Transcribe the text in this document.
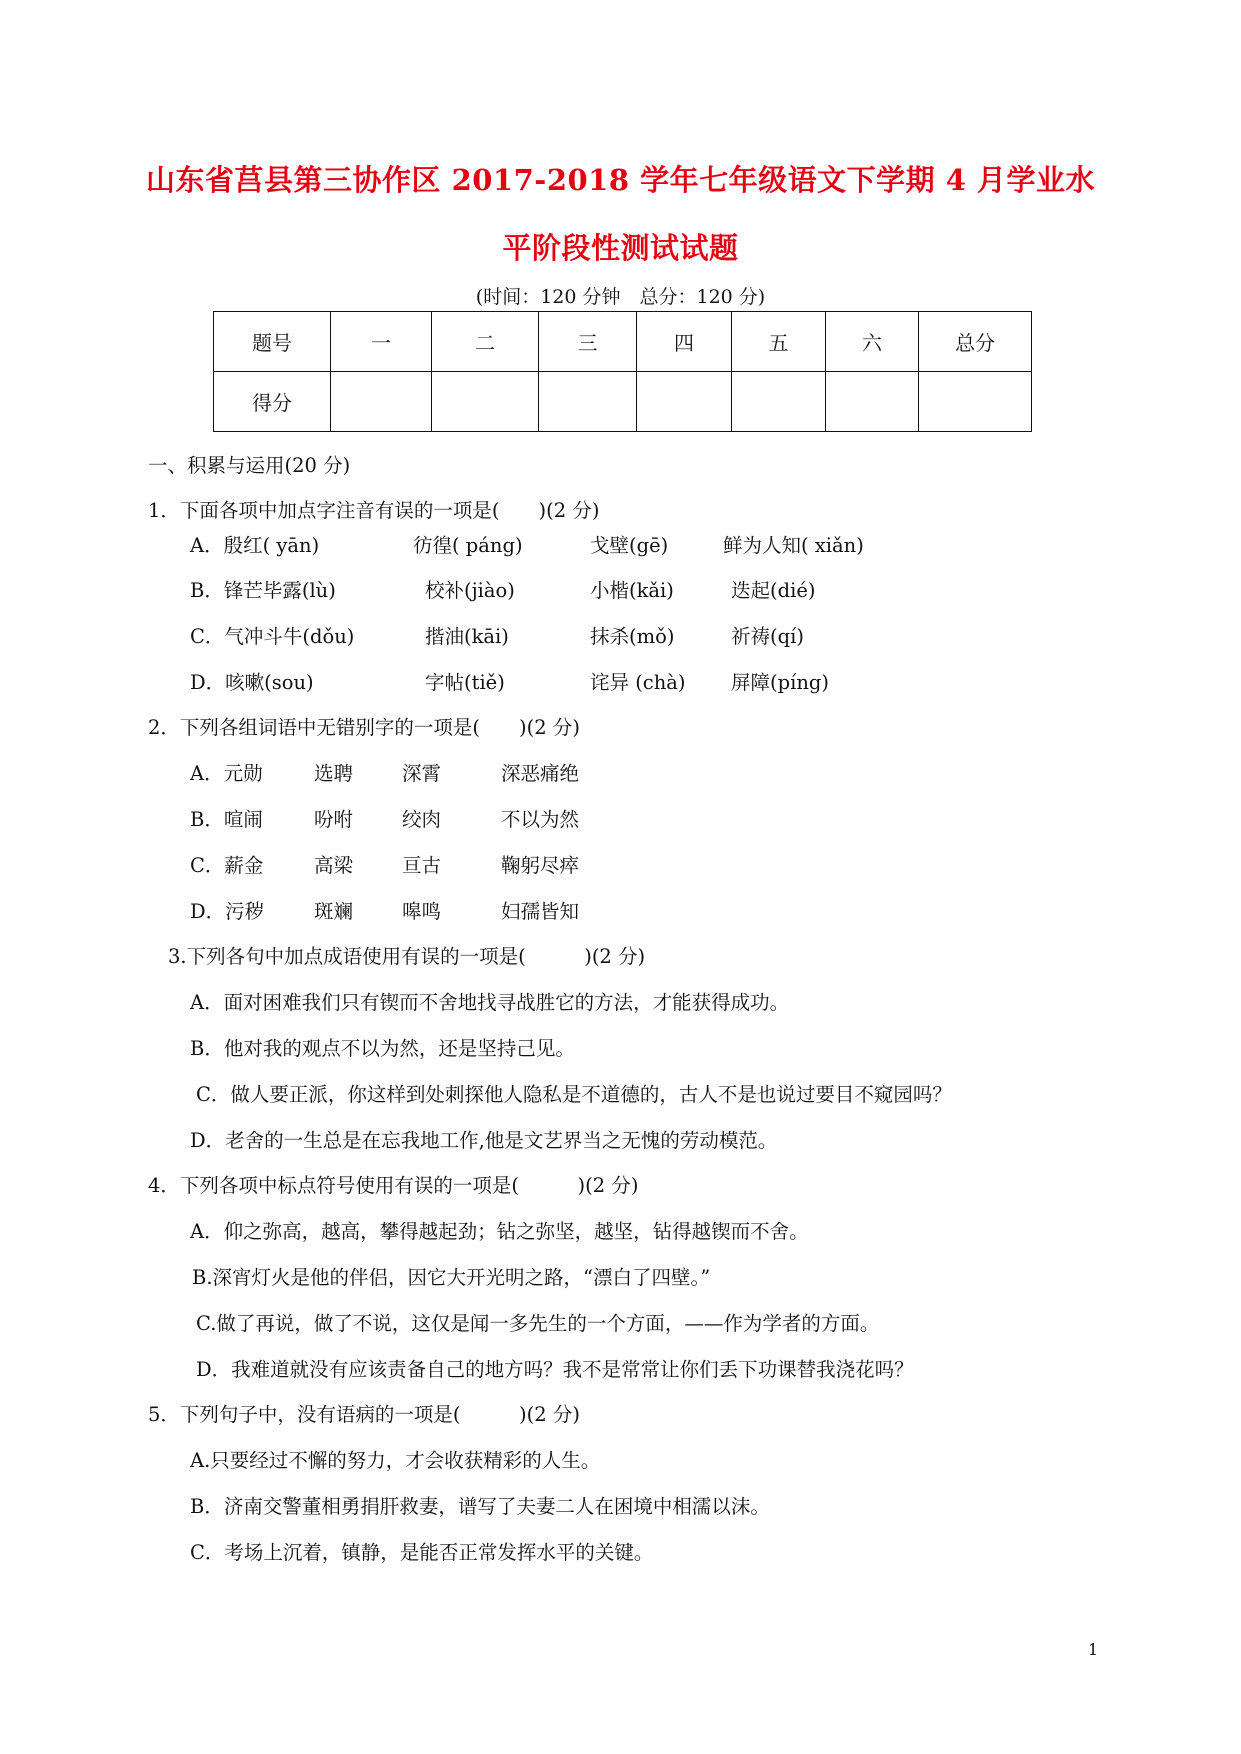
山东省莒县第三协作区 2017-2018 学年七年级语文下学期 4 月学业水
平阶段性测试试题
(时间：120 分钟　总分：120 分)
题号	一	二	三	四	五	六	总分
得分							
一、积累与运用(20 分)
1．下面各项中加点字注音有误的一项是(　　)(2 分)
A．殷红( yān)	彷徨( páng)	戈壁(gē)	鲜为人知( xiǎn)
B．锋芒毕露(lù)	校补(jiào)	小楷(kǎi)	迭起(dié)
C．气冲斗牛(dǒu)	揩油(kāi)	抹杀(mǒ)	祈祷(qí)
D．咳嗽(sou)	字帖(tiě)	诧异 (chà) 屏障(píng)
2．下列各组词语中无错别字的一项是(　　)(2 分)
A．元勋	选聘	深霄	深恶痛绝
B．喧闹	吩咐	绞肉	不以为然
C．薪金	高梁	亘古	鞠躬尽瘁
D．污秽	斑斓	嗥鸣	妇孺皆知
3.下列各句中加点成语使用有误的一项是(　　　)(2 分)
A．面对困难我们只有锲而不舍地找寻战胜它的方法，才能获得成功。
B．他对我的观点不以为然，还是坚持己见。
C．做人要正派，你这样到处刺探他人隐私是不道德的，古人不是也说过要目不窥园吗？
D．老舍的一生总是在忘我地工作,他是文艺界当之无愧的劳动模范。
4．下列各项中标点符号使用有误的一项是(　　　)(2 分)
A．仰之弥高，越高，攀得越起劲；钻之弥坚，越坚，钻得越锲而不舍。
B.深宵灯火是他的伴侣，因它大开光明之路，“漂白了四壁。”
C.做了再说，做了不说，这仅是闻一多先生的一个方面，——作为学者的方面。
D．我难道就没有应该责备自己的地方吗？我不是常常让你们丢下功课替我浇花吗？
5．下列句子中，没有语病的一项是(　　　)(2 分)
A.只要经过不懈的努力，才会收获精彩的人生。
B．济南交警董相勇捐肝救妻，谱写了夫妻二人在困境中相濡以沫。
C．考场上沉着，镇静，是能否正常发挥水平的关键。
1
